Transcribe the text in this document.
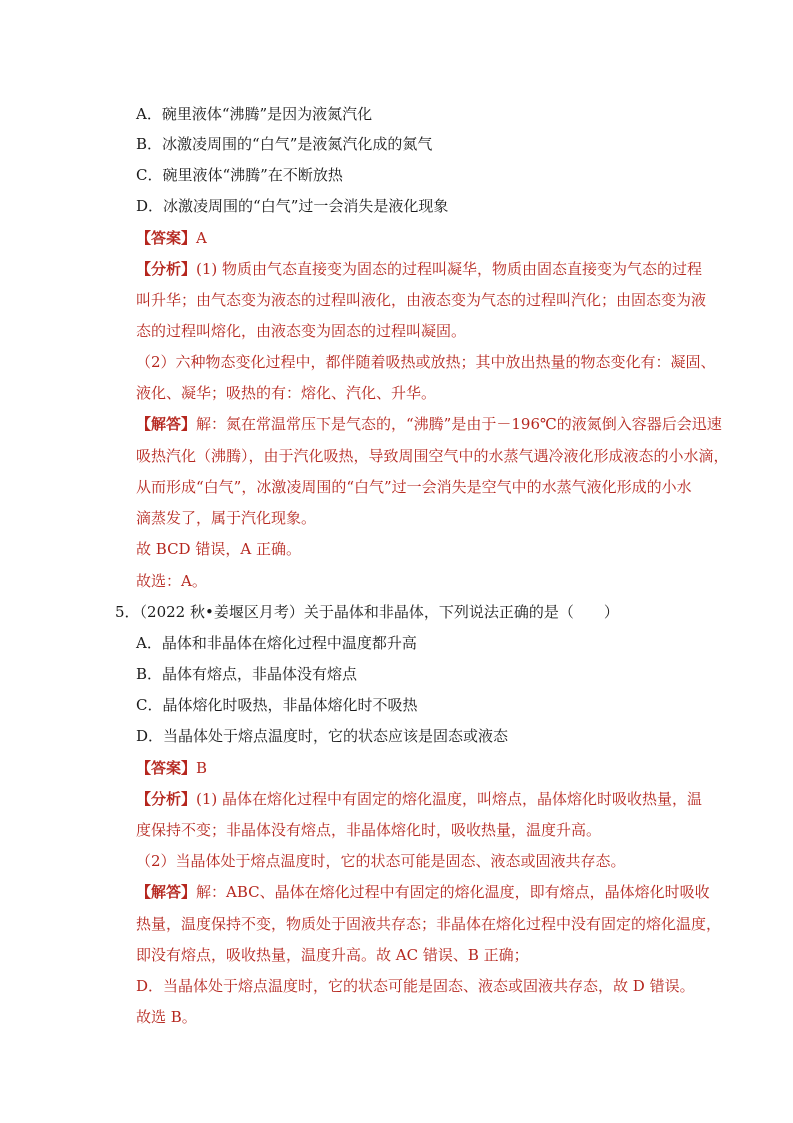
A．碗里液体“沸腾”是因为液氮汽化
B．冰激凌周围的“白气”是液氮汽化成的氮气
C．碗里液体“沸腾”在不断放热
D．冰激凌周围的“白气”过一会消失是液化现象
【答案】A
【分析】(1) 物质由气态直接变为固态的过程叫凝华，物质由固态直接变为气态的过程
叫升华；由气态变为液态的过程叫液化，由液态变为气态的过程叫汽化；由固态变为液
态的过程叫熔化，由液态变为固态的过程叫凝固。
（2）六种物态变化过程中，都伴随着吸热或放热；其中放出热量的物态变化有：凝固、
液化、凝华；吸热的有：熔化、汽化、升华。
【解答】解：氮在常温常压下是气态的，“沸腾”是由于－196℃的液氮倒入容器后会迅速
吸热汽化（沸腾），由于汽化吸热，导致周围空气中的水蒸气遇冷液化形成液态的小水滴，
从而形成“白气”，冰激凌周围的“白气”过一会消失是空气中的水蒸气液化形成的小水
滴蒸发了，属于汽化现象。
故 BCD 错误，A 正确。
故选：A。
5．（2022 秋•姜堰区月考）关于晶体和非晶体，下列说法正确的是（　　）
A．晶体和非晶体在熔化过程中温度都升高
B．晶体有熔点，非晶体没有熔点
C．晶体熔化时吸热，非晶体熔化时不吸热
D．当晶体处于熔点温度时，它的状态应该是固态或液态
【答案】B
【分析】(1) 晶体在熔化过程中有固定的熔化温度，叫熔点，晶体熔化时吸收热量，温
度保持不变；非晶体没有熔点，非晶体熔化时，吸收热量，温度升高。
（2）当晶体处于熔点温度时，它的状态可能是固态、液态或固液共存态。
【解答】解：ABC、晶体在熔化过程中有固定的熔化温度，即有熔点，晶体熔化时吸收
热量，温度保持不变，物质处于固液共存态；非晶体在熔化过程中没有固定的熔化温度，
即没有熔点，吸收热量，温度升高。故 AC 错误、B 正确；
D．当晶体处于熔点温度时，它的状态可能是固态、液态或固液共存态，故 D 错误。
故选 B。
